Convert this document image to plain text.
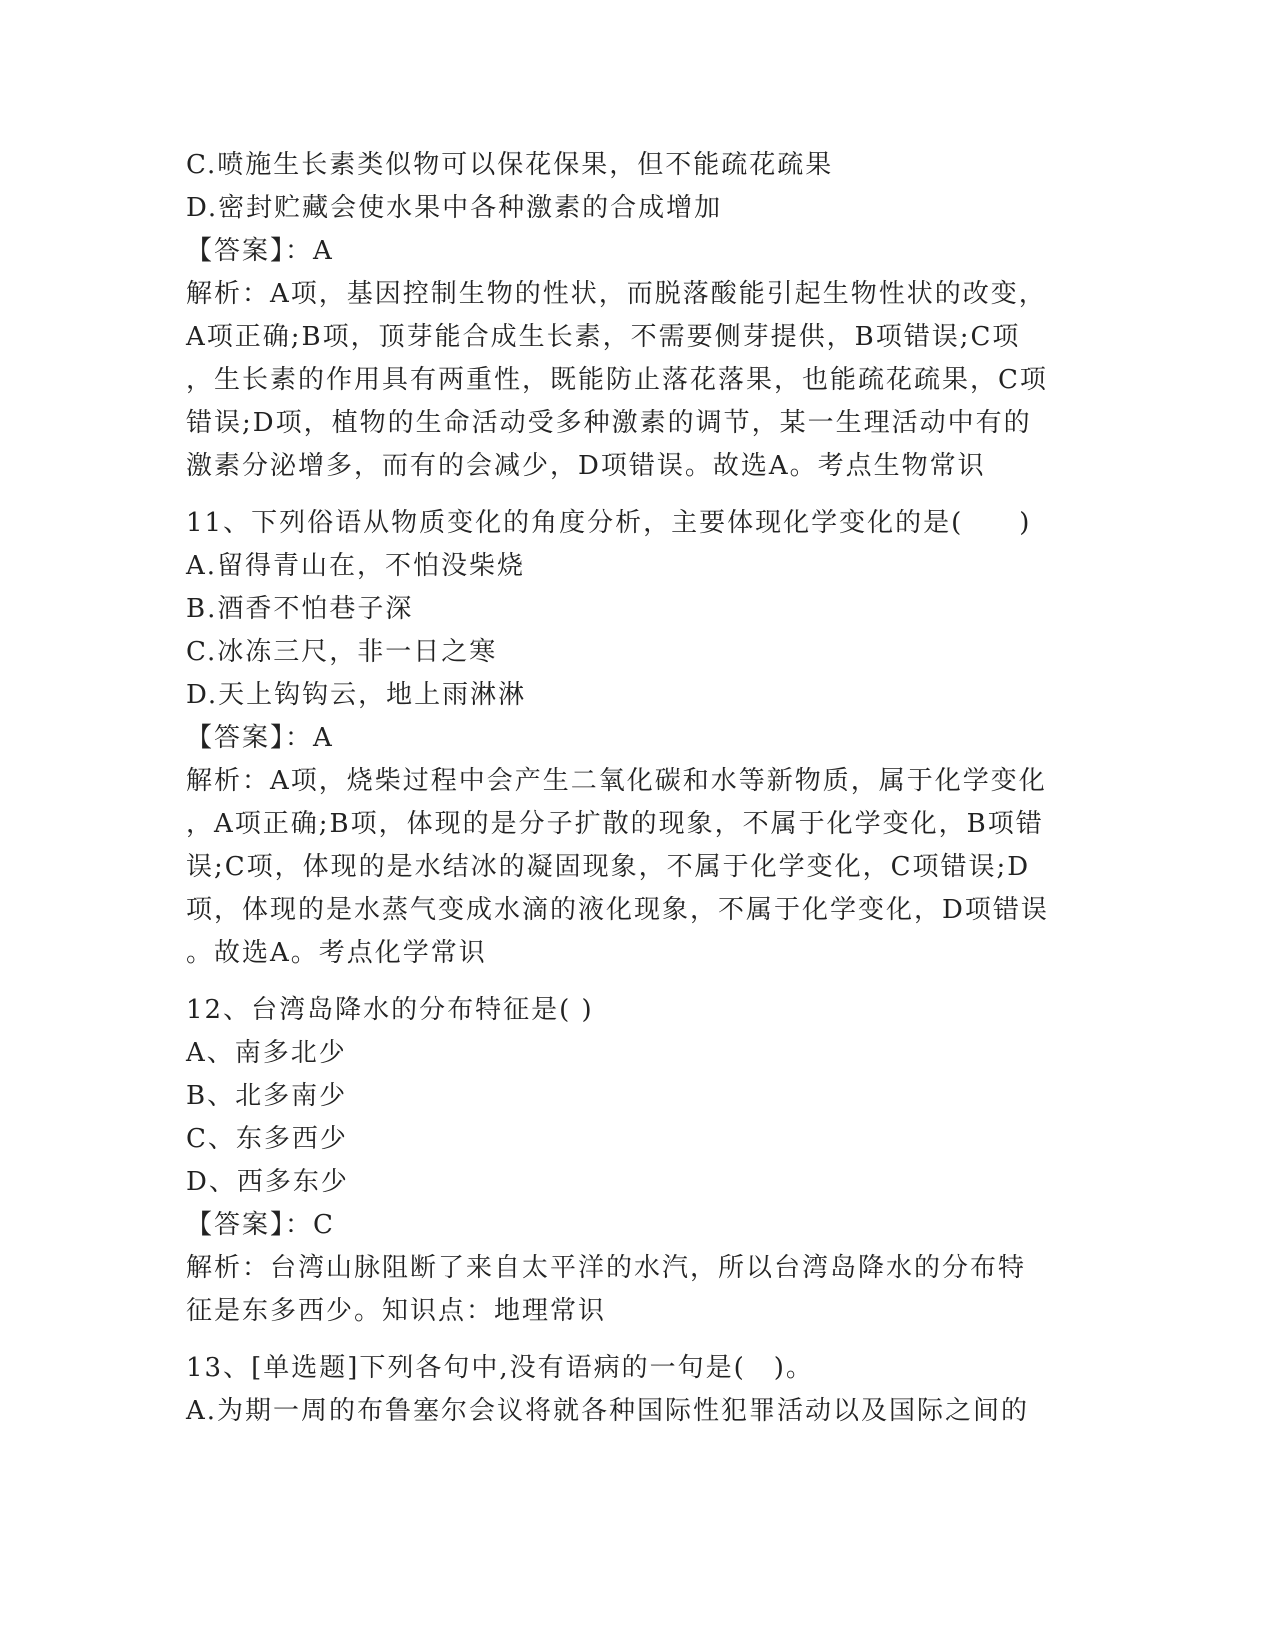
C.喷施生长素类似物可以保花保果，但不能疏花疏果
D.密封贮藏会使水果中各种激素的合成增加
【答案】：A
解析：A项，基因控制生物的性状，而脱落酸能引起生物性状的改变，
A项正确;B项，顶芽能合成生长素，不需要侧芽提供，B项错误;C项
，生长素的作用具有两重性，既能防止落花落果，也能疏花疏果，C项
错误;D项，植物的生命活动受多种激素的调节，某一生理活动中有的
激素分泌增多，而有的会减少，D项错误。故选A。考点生物常识
11、下列俗语从物质变化的角度分析，主要体现化学变化的是(　　)
A.留得青山在，不怕没柴烧
B.酒香不怕巷子深
C.冰冻三尺，非一日之寒
D.天上钩钩云，地上雨淋淋
【答案】：A
解析：A项，烧柴过程中会产生二氧化碳和水等新物质，属于化学变化
，A项正确;B项，体现的是分子扩散的现象，不属于化学变化，B项错
误;C项，体现的是水结冰的凝固现象，不属于化学变化，C项错误;D
项，体现的是水蒸气变成水滴的液化现象，不属于化学变化，D项错误
。故选A。考点化学常识
12、台湾岛降水的分布特征是( )
A、南多北少
B、北多南少
C、东多西少
D、西多东少
【答案】：C
解析：台湾山脉阻断了来自太平洋的水汽，所以台湾岛降水的分布特
征是东多西少。知识点：地理常识
13、[单选题]下列各句中,没有语病的一句是(　)。
A.为期一周的布鲁塞尔会议将就各种国际性犯罪活动以及国际之间的
